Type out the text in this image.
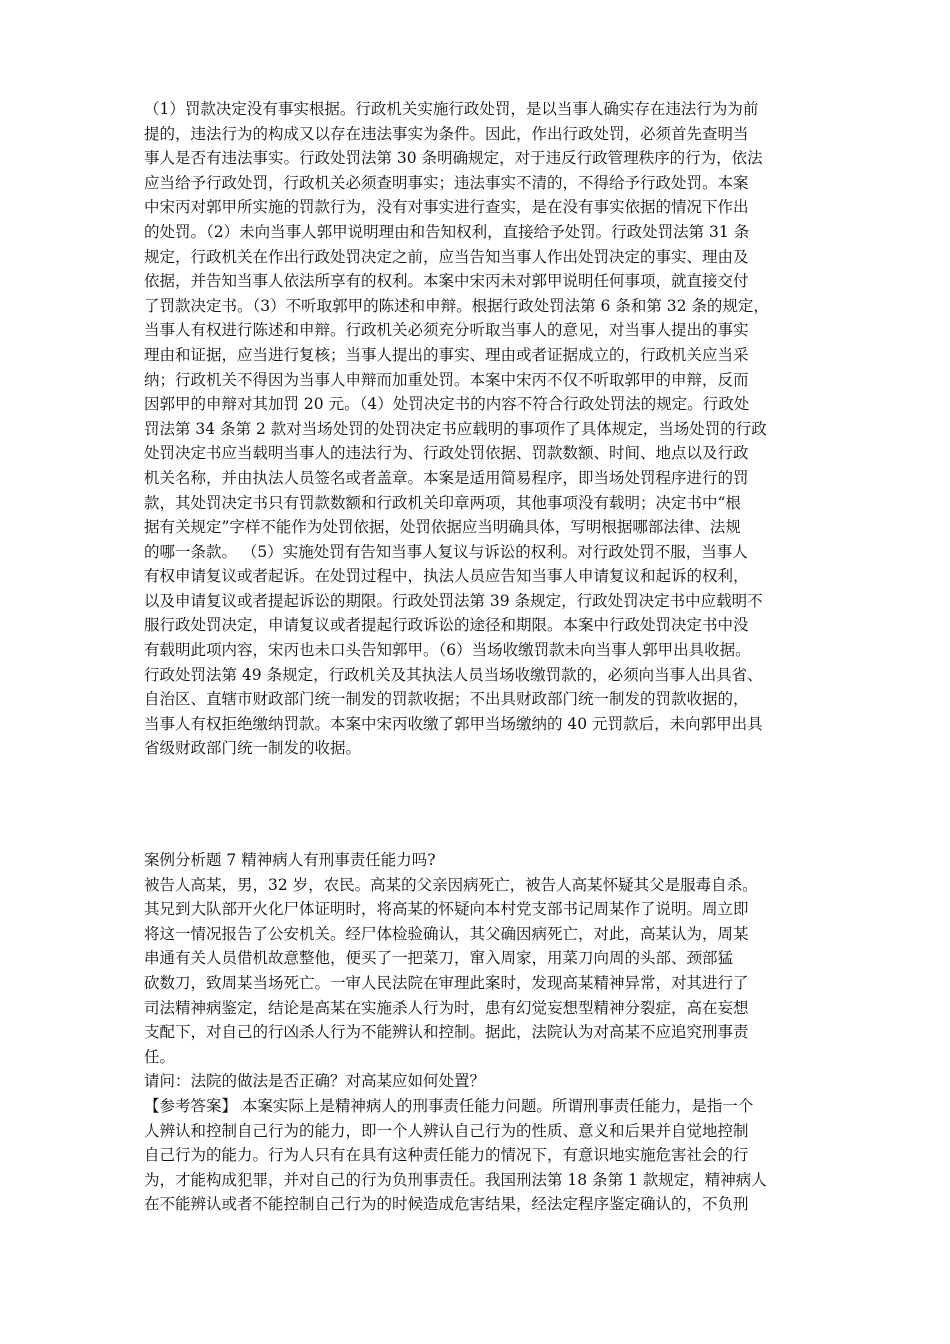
（1）罚款决定没有事实根据。行政机关实施行政处罚，是以当事人确实存在违法行为为前
提的，违法行为的构成又以存在违法事实为条件。因此，作出行政处罚，必须首先查明当
事人是否有违法事实。行政处罚法第 30 条明确规定，对于违反行政管理秩序的行为，依法
应当给予行政处罚，行政机关必须查明事实；违法事实不清的，不得给予行政处罚。本案
中宋丙对郭甲所实施的罚款行为，没有对事实进行查实，是在没有事实依据的情况下作出
的处罚。（2）未向当事人郭甲说明理由和告知权利，直接给予处罚。行政处罚法第 31 条
规定，行政机关在作出行政处罚决定之前，应当告知当事人作出处罚决定的事实、理由及
依据，并告知当事人依法所享有的权利。本案中宋丙未对郭甲说明任何事项，就直接交付
了罚款决定书。（3）不听取郭甲的陈述和申辩。根据行政处罚法第 6 条和第 32 条的规定，
当事人有权进行陈述和申辩。行政机关必须充分听取当事人的意见，对当事人提出的事实
理由和证据，应当进行复核；当事人提出的事实、理由或者证据成立的，行政机关应当采
纳；行政机关不得因为当事人申辩而加重处罚。本案中宋丙不仅不听取郭甲的申辩，反而
因郭甲的申辩对其加罚 20 元。（4）处罚决定书的内容不符合行政处罚法的规定。行政处
罚法第 34 条第 2 款对当场处罚的处罚决定书应载明的事项作了具体规定，当场处罚的行政
处罚决定书应当载明当事人的违法行为、行政处罚依据、罚款数额、时间、地点以及行政
机关名称，并由执法人员签名或者盖章。本案是适用简易程序，即当场处罚程序进行的罚
款，其处罚决定书只有罚款数额和行政机关印章两项，其他事项没有载明；决定书中“根
据有关规定”字样不能作为处罚依据，处罚依据应当明确具体，写明根据哪部法律、法规
的哪一条款。 （5）实施处罚有告知当事人复议与诉讼的权利。对行政处罚不服，当事人
有权申请复议或者起诉。在处罚过程中，执法人员应告知当事人申请复议和起诉的权利，
以及申请复议或者提起诉讼的期限。行政处罚法第 39 条规定，行政处罚决定书中应载明不
服行政处罚决定，申请复议或者提起行政诉讼的途径和期限。本案中行政处罚决定书中没
有载明此项内容，宋丙也未口头告知郭甲。（6）当场收缴罚款未向当事人郭甲出具收据。
行政处罚法第 49 条规定，行政机关及其执法人员当场收缴罚款的，必须向当事人出具省、
自治区、直辖市财政部门统一制发的罚款收据；不出具财政部门统一制发的罚款收据的，
当事人有权拒绝缴纳罚款。本案中宋丙收缴了郭甲当场缴纳的 40 元罚款后，未向郭甲出具
省级财政部门统一制发的收据。
案例分析题 7 精神病人有刑事责任能力吗?
被告人高某，男，32 岁，农民。高某的父亲因病死亡，被告人高某怀疑其父是服毒自杀。
其兄到大队部开火化尸体证明时，将高某的怀疑向本村党支部书记周某作了说明。周立即
将这一情况报告了公安机关。经尸体检验确认，其父确因病死亡，对此，高某认为，周某
串通有关人员借机故意整他，便买了一把菜刀，窜入周家，用菜刀向周的头部、颈部猛
砍数刀，致周某当场死亡。一审人民法院在审理此案时，发现高某精神异常，对其进行了
司法精神病鉴定，结论是高某在实施杀人行为时，患有幻觉妄想型精神分裂症，高在妄想
支配下，对自己的行凶杀人行为不能辨认和控制。据此，法院认为对高某不应追究刑事责
任。
请问：法院的做法是否正确？对高某应如何处置？
【参考答案】 本案实际上是精神病人的刑事责任能力问题。所谓刑事责任能力，是指一个
人辨认和控制自己行为的能力，即一个人辨认自己行为的性质、意义和后果并自觉地控制
自己行为的能力。行为人只有在具有这种责任能力的情况下，有意识地实施危害社会的行
为，才能构成犯罪，并对自己的行为负刑事责任。我国刑法第 18 条第 1 款规定，精神病人
在不能辨认或者不能控制自己行为的时候造成危害结果，经法定程序鉴定确认的，不负刑
